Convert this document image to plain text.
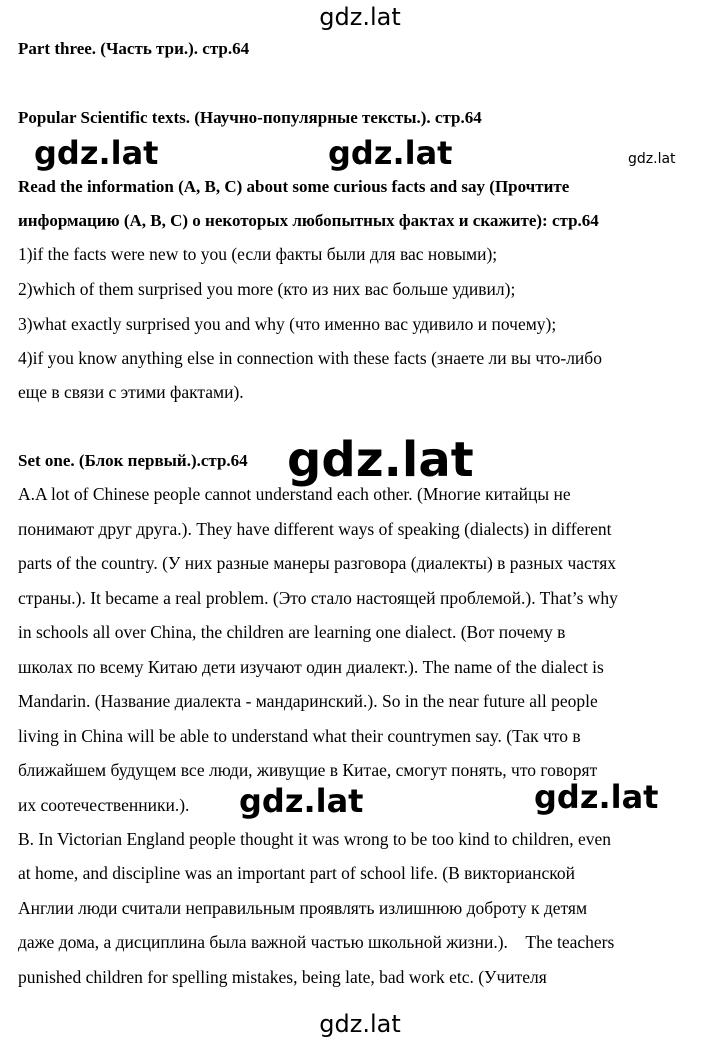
gdz.lat
Part three. (Часть три.). стр.64
Popular Scientific texts. (Научно-популярные тексты.). стр.64
gdz.lat	gdz.lat	gdz.lat
Read the information (A, B, C) about some curious facts and say (Прочтите
информацию (A, B, C) о некоторых любопытных фактах и скажите): стр.64
1)if the facts were new to you (если факты были для вас новыми);
2)which of them surprised you more (кто из них вас больше удивил);
3)what exactly surprised you and why (что именно вас удивило и почему);
4)if you know anything else in connection with these facts (знаете ли вы что-либо
еще в связи с этими фактами).
Set one. (Блок первый.).стр.64 gdz.lat
A.A lot of Chinese people cannot understand each other. (Многие китайцы не
понимают друг друга.). They have different ways of speaking (dialects) in different
parts of the country. (У них разные манеры разговора (диалекты) в разных частях
страны.). It became a real problem. (Это стало настоящей проблемой.). That’s why
in schools all over China, the children are learning one dialect. (Вот почему в
школах по всему Китаю дети изучают один диалект.). The name of the dialect is
Mandarin. (Название диалекта - мандаринский.). So in the near future all people
living in China will be able to understand what their countrymen say. (Так что в
ближайшем будущем все люди, живущие в Китае, смогут понять, что говорят
их соотечественники.). gdz.lat	gdz.lat
B. In Victorian England people thought it was wrong to be too kind to children, even
at home, and discipline was an important part of school life. (В викторианской
Англии люди считали неправильным проявлять излишнюю доброту к детям
даже дома, а дисциплина была важной частью школьной жизни.).    The teachers
punished children for spelling mistakes, being late, bad work etc. (Учителя
gdz.lat
